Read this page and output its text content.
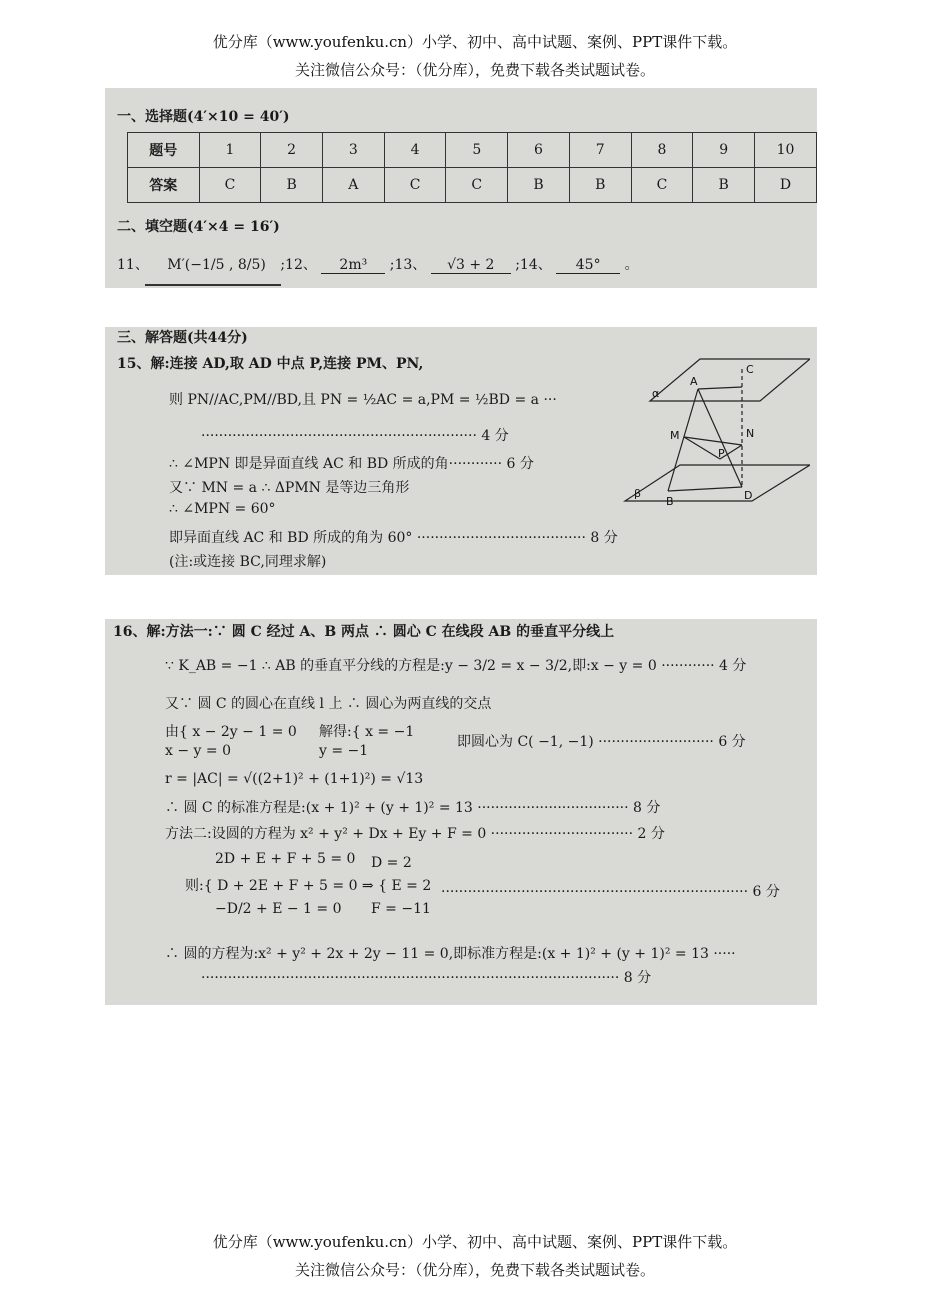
优分库（www.youfenku.cn）小学、初中、高中试题、案例、PPT课件下载。
关注微信公众号：（优分库），免费下载各类试题试卷。
一、选择题(4′×10 = 40′)
题号	1	2	3	4	5	6	7	8	9	10
答案	C	B	A	C	C	B	B	C	B	D
二、填空题(4′×4 = 16′)
11、 M′(−1/5 , 8/5) ;12、 2m³ ;13、 √3 + 2 ;14、 45° 。
三、解答题(共44分)
15、解:连接 AD,取 AD 中点 P,连接 PM、PN,
则 PN//AC,PM//BD,且 PN = ½AC = a,PM = ½BD = a ···
······························································ 4 分
∴ ∠MPN 即是异面直线 AC 和 BD 所成的角············ 6 分
又∵ MN = a ∴ ΔPMN 是等边三角形
∴ ∠MPN = 60°
即异面直线 AC 和 BD 所成的角为 60° ······································ 8 分
(注:或连接 BC,同理求解)
A
C
M	N
P
B	D
α
β
16、解:方法一:∵ 圆 C 经过 A、B 两点 ∴ 圆心 C 在线段 AB 的垂直平分线上
∵ K_AB = −1 ∴ AB 的垂直平分线的方程是:y − 3/2 = x − 3/2,即:x − y = 0 ············ 4 分
又∵ 圆 C 的圆心在直线 l 上 ∴ 圆心为两直线的交点
由{ x − 2y − 1 = 0
x − y = 0
解得:{ x = −1
y = −1
即圆心为 C( −1, −1) ·························· 6 分
r = |AC| = √((2+1)² + (1+1)²) = √13
∴ 圆 C 的标准方程是:(x + 1)² + (y + 1)² = 13 ·································· 8 分
方法二:设圆的方程为 x² + y² + Dx + Ey + F = 0 ································ 2 分
2D + E + F + 5 = 0
则:{ D + 2E + F + 5 = 0 ⇒ { E = 2
−D/2 + E − 1 = 0
D = 2
F = −11
····································································· 6 分
∴ 圆的方程为:x² + y² + 2x + 2y − 11 = 0,即标准方程是:(x + 1)² + (y + 1)² = 13 ·····
······························································································ 8 分
优分库（www.youfenku.cn）小学、初中、高中试题、案例、PPT课件下载。
关注微信公众号：（优分库），免费下载各类试题试卷。
